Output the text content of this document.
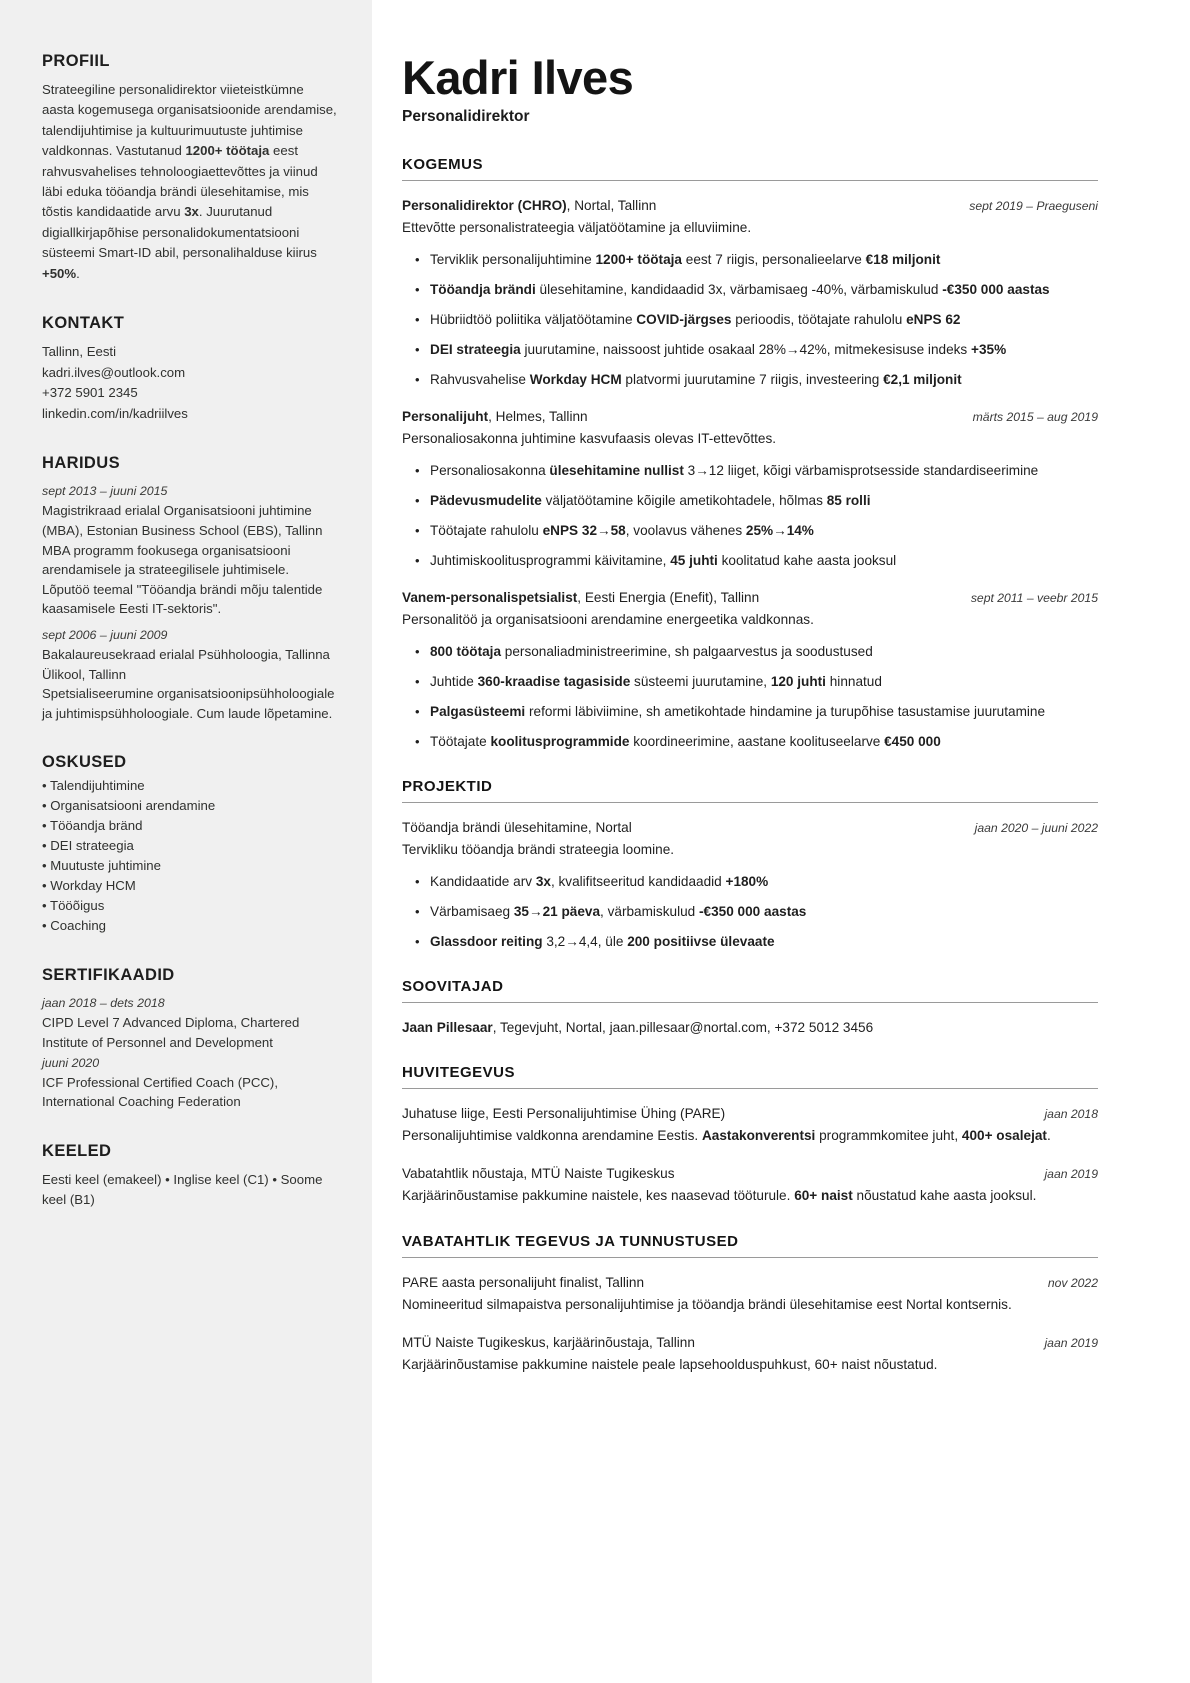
PROFIIL
Strateegiline personalidirektor viieteistkümne aasta kogemusega organisatsioonide arendamise, talendijuhtimise ja kultuurimuutuste juhtimise valdkonnas. Vastutanud 1200+ töötaja eest rahvusvahelises tehnoloogiaettevõttes ja viinud läbi eduka tööandja brändi ülesehitamise, mis tõstis kandidaatide arvu 3x. Juurutanud digiallkirjapõhise personalidokumentatsiooni süsteemi Smart-ID abil, personalihalduse kiirus +50%.
KONTAKT
Tallinn, Eesti
kadri.ilves@outlook.com
+372 5901 2345
linkedin.com/in/kadriilves
HARIDUS
sept 2013 – juuni 2015
Magistrikraad erialal Organisatsiooni juhtimine (MBA), Estonian Business School (EBS), Tallinn
MBA programm fookusega organisatsiooni arendamisele ja strateegilisele juhtimisele. Lõputöö teemal "Tööandja brändi mõju talentide kaasamisele Eesti IT-sektoris".
sept 2006 – juuni 2009
Bakalaureusekraad erialal Psühholoogia, Tallinna Ülikool, Tallinn
Spetsialiseerumine organisatsioonipsühholoogiale ja juhtimispsühholoogiale. Cum laude lõpetamine.
OSKUSED
• Talendijuhtimine
• Organisatsiooni arendamine
• Tööandja bränd
• DEI strateegia
• Muutuste juhtimine
• Workday HCM
• Tööõigus
• Coaching
SERTIFIKAADID
jaan 2018 – dets 2018
CIPD Level 7 Advanced Diploma, Chartered Institute of Personnel and Development
juuni 2020
ICF Professional Certified Coach (PCC), International Coaching Federation
KEELED
Eesti keel (emakeel) • Inglise keel (C1) • Soome keel (B1)
Kadri Ilves
Personalidirektor
KOGEMUS
Personalidirektor (CHRO), Nortal, Tallinn	sept 2019 – Praeguseni
Ettevõtte personalistrateegia väljatöötamine ja elluviimine.
• Terviklik personalijuhtimine 1200+ töötaja eest 7 riigis, personalieelarve €18 miljonit
• Tööandja brändi ülesehitamine, kandidaadid 3x, värbamisaeg -40%, värbamiskulud -€350 000 aastas
• Hübriidtöö poliitika väljatöötamine COVID-järgses perioodis, töötajate rahulolu eNPS 62
• DEI strateegia juurutamine, naissoost juhtide osakaal 28%→42%, mitmekesisuse indeks +35%
• Rahvusvahelise Workday HCM platvormi juurutamine 7 riigis, investeering €2,1 miljonit
Personalijuht, Helmes, Tallinn	märts 2015 – aug 2019
Personaliosakonna juhtimine kasvufaasis olevas IT-ettevõttes.
• Personaliosakonna ülesehitamine nullist 3→12 liiget, kõigi värbamisprotsesside standardiseerimine
• Pädevusmudelite väljatöötamine kõigile ametikohtadele, hõlmas 85 rolli
• Töötajate rahulolu eNPS 32→58, voolavus vähenes 25%→14%
• Juhtimiskoolitusprogrammi käivitamine, 45 juhti koolitatud kahe aasta jooksul
Vanem-personalispetsialist, Eesti Energia (Enefit), Tallinn	sept 2011 – veebr 2015
Personalitöö ja organisatsiooni arendamine energeetika valdkonnas.
• 800 töötaja personaliadministreerimine, sh palgaarvestus ja soodustused
• Juhtide 360-kraadise tagasiside süsteemi juurutamine, 120 juhti hinnatud
• Palgasüsteemi reformi läbiviimine, sh ametikohtade hindamine ja turupõhise tasustamise juurutamine
• Töötajate koolitusprogrammide koordineerimine, aastane koolituseelarve €450 000
PROJEKTID
Tööandja brändi ülesehitamine, Nortal	jaan 2020 – juuni 2022
Tervikliku tööandja brändi strateegia loomine.
• Kandidaatide arv 3x, kvalifitseeritud kandidaadid +180%
• Värbamisaeg 35→21 päeva, värbamiskulud -€350 000 aastas
• Glassdoor reiting 3,2→4,4, üle 200 positiivse ülevaate
SOOVITAJAD
Jaan Pillesaar, Tegevjuht, Nortal, jaan.pillesaar@nortal.com, +372 5012 3456
HUVITEGEVUS
Juhatuse liige, Eesti Personalijuhtimise Ühing (PARE)	jaan 2018
Personalijuhtimise valdkonna arendamine Eestis. Aastakonverentsi programmkomitee juht, 400+ osalejat.
Vabatahtlik nõustaja, MTÜ Naiste Tugikeskus	jaan 2019
Karjäärinõustamise pakkumine naistele, kes naasevad tööturule. 60+ naist nõustatud kahe aasta jooksul.
VABATAHTLIK TEGEVUS JA TUNNUSTUSED
PARE aasta personalijuht finalist, Tallinn	nov 2022
Nomineeritud silmapaistva personalijuhtimise ja tööandja brändi ülesehitamise eest Nortal kontsernis.
MTÜ Naiste Tugikeskus, karjäärinõustaja, Tallinn	jaan 2019
Karjäärinõustamise pakkumine naistele peale lapsehoolduspuhkust, 60+ naist nõustatud.
